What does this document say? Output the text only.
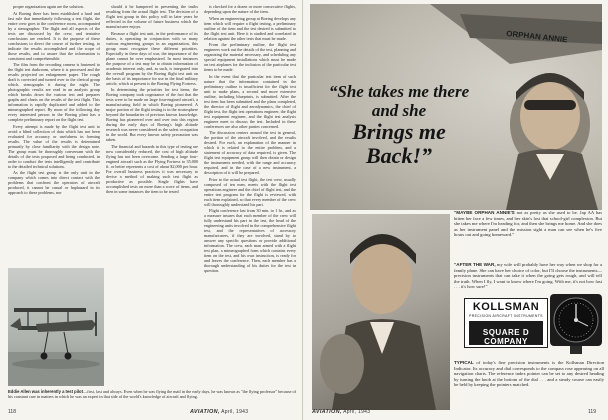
proper organization again are the solution.

At Boeing there has been established a hard and fast rule that immediately following a test flight, the entire crew goes to the conference room, accompanied by a stenographer. The flight and all aspects of the tests are discussed by the crew, and tentative conclusions are reached. It is the purpose of these conclusions to direct the course of further testing, to indicate the results accomplished and the scope of those results, and to assure that the information is consistent and comprehensible.

The film from the recording camera is hastened to the flight test darkroom, where it is processed and the results projected on enlargement paper. The rough draft is corrected and turned over to the clerical group which, stenographs it during the night. The photographic results are read in an analysis group which breaks down the various test and prepares graphs and charts on the results of the test flight. This information is rapidly duplicated and added to the mimeographed report. By noon of the following day every interested person in the Boeing plant has a complete preliminary report on the flight test.

Every attempt is made by the flight test unit to avoid a blind collection of data which has not been evaluated for accuracy or usefulness in forming results. The value of the results is determined primarily by close familiarity with the design note. The group must be thoroughly conversant with the details of the tests proposed and being conducted, in order to conduct the tests intelligently and contribute to the detailed technical solutions.

As the flight test group is the only unit in the company which comes into direct contact with the problems that confront the operators of aircraft produced, it cannot be casual or haphazard in its approach to these problems, nor

should it be hampered in presenting the truths resulting from the actual flight test. The decision of a flight test group in this policy will in later years be reflected in the volume of future business which the manufacturer enjoys.

Because a flight test unit, in the performance of its duties, is operating in conjunction with so many various engineering groups in an organization, this group must recognize these different priorities. Especially in these days of war, the importance of the plane cannot be over emphasized. In most instances the purpose of a test may be to obtain information of academic interest only, and, as such, is integrated into the overall program by the Boeing flight test unit on the basis of its importance for use in the final military article, which at present is the Boeing Flying Fortress.

In determining the priorities for test items, the Boeing company took cognizance of the fact that the tests were to be made on large four-engined aircraft, a manufacturing field in which Boeing pioneered. A major portion of the flight testing is in the stratosphere beyond the boundaries of previous known knowledge. Boeing has pioneered over and over into this region during the early days of Boeing's high altitude research was never considered as the safest occupation in the world. But every known safety precaution was taken.

The financial and hazards in this type of testing are now considerably reduced, the cost of high altitude flying has not been overcome. Sending a large four-engined aircraft such as the Flying Fortress to 35,000 ft. or better represents a cost of about $2,000 per hour. For overall business practices it was necessary to devise a method of making such test flight as productive as possible. Single flights have accomplished tests on more than a score of items, and then in some instances the item to be tested

is checked for a dozen or more consecutive flights, depending upon the nature of the item.

When an engineering group at Boeing develops any item which will require a flight testing, a preliminary outline of the item and the test desired is submitted to the flight test unit. Here it is studied and correlated in relation against the other tests that must be made.

From the preliminary outline, the flight test engineers work out the details of the test, planning and organizing the material necessary, and scheduling any special equipment installations which must be made on test airplanes for the inclusion of the particular test items to be made.

In the event that the particular test item of such nature that the information contained in the preliminary outline is insufficient for the flight test unit to make plans, a second and more extensive outline, including blueprints, is submitted. After the test item has been submitted and the plans completed, the director of flight and aerodynamics, the chief of flight test, the flight test operations engineer, the flight test equipment engineer, and the flight test analysis engineer meet to discuss the test. Included in these conferences are also other parties concerned.

The discussion centers around the test in general, the portion of the aircraft involved, and the results desired. For each, an explanation of the manner in which it is related to the entire problem, and a statement of accuracy of data required, is given. The flight test equipment group will then obtain or design the instruments needed, with the range and accuracy required, and in the case of a new instrument, a description of it will be prepared.

Prior to the actual test flight, the test crew, usually composed of ten men, meets with the flight test operations engineer and the chief of flight test, and the entire test program for the flight is reviewed, with each item explained, so that every member of the crew will thoroughly understand his part.

Flight conference last from 30 min. to 1 hr., and as a measure insures that each member of the crew will fully understand his part in the test, the head of the engineering units involved in the comprehensive flight test, and the representatives of accessory manufacturers, if they are involved, stand by to answer any specific questions or provide additional information. The crew, each man armed with a flight test plan, a mimeographed form which contains every item on the test, and his own instruction, is ready for and leaves the conference. Then, each member has a thorough understanding of his duties for the test in question.

Eddie Allen was inherently a test pilot—first, last and always. Even when he was flying the mail in the early days, he was known as "the flying professor" because of his constant care in matters in which he was an expert in that side of the world's knowledge of aircraft and flying.
118	AVIATION, April, 1943
ORPHAN ANNIE
“She takes me there
and she
Brings me Back!”
“MAYBE ORPHAN ANNIE'S not as pretty as she used to be. Jap AA has bitten her face a few times, and her skin's lost that school-girl complexion. But she takes me where I'm heading for, and then she brings me home. And she does as her instrument panel and the mission sight a man can see when he's five hours out and going homeward.”
“AFTER THE WAR, my wife will probably have her way when we shop for a family plane. She can have her choice of color, but I'll choose the instruments—precision instruments that can take it when the going gets rough, and will tell the truth. When I fly, I want to know where I'm going. With me, it's not how fast . . . it's how sure!”
KOLLSMAN
PRECISION AIRCRAFT INSTRUMENTS
SQUARE D COMPANY
TYPICAL of today's fine precision instruments is the Kollsman Direction Indicator. Its accuracy and dial corresponds to the compass rose appearing on all navigation charts. The reference index pointer can be set to any desired heading by turning the knob at the bottom of the dial . . . and a steady course can easily be held by keeping the pointers matched.
AVIATION, April, 1943	119
